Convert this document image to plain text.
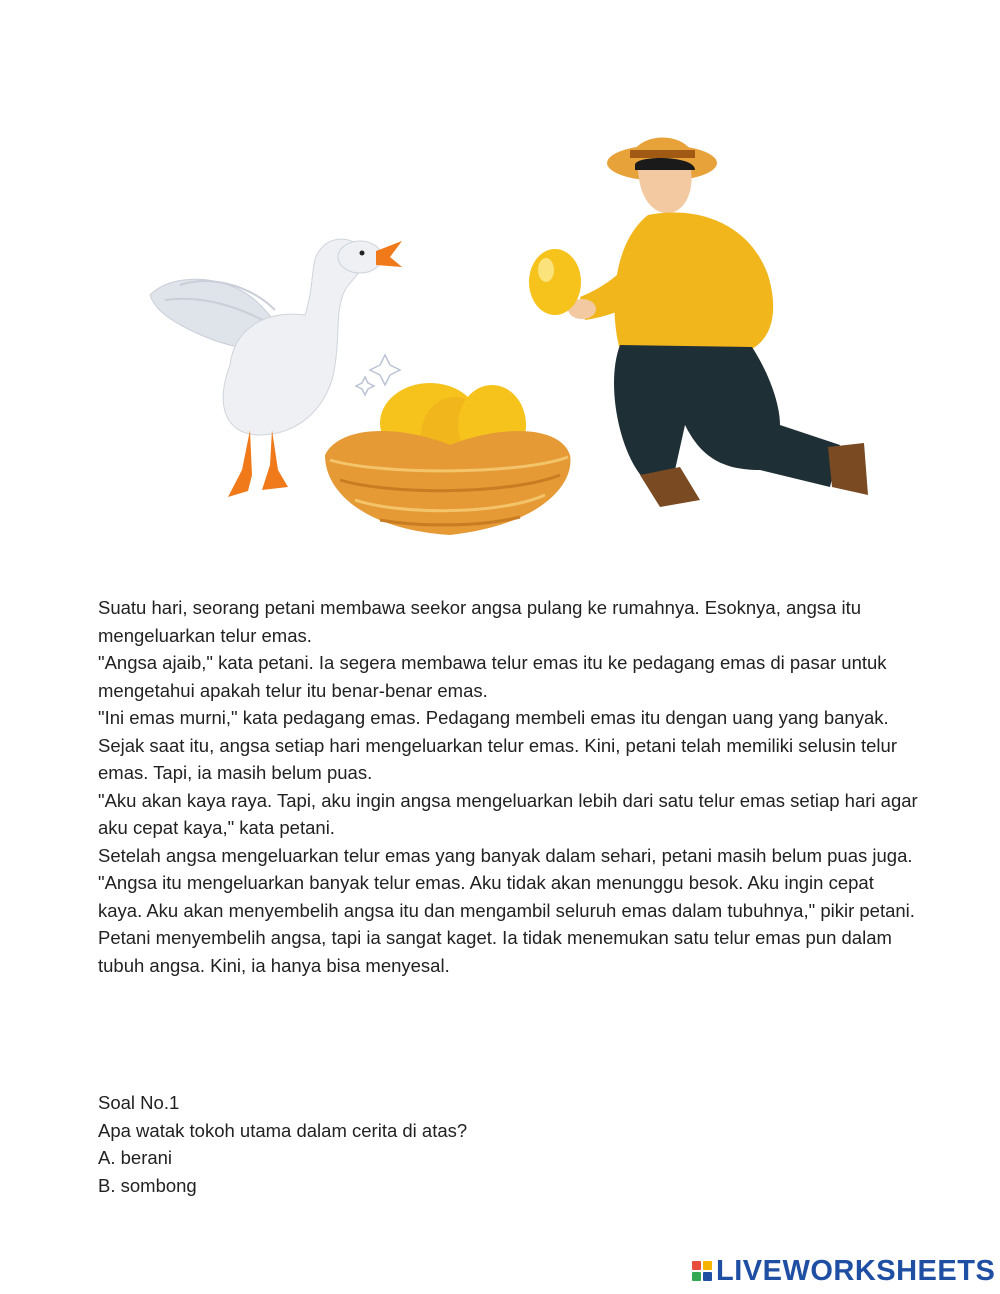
Suatu hari, seorang petani membawa seekor angsa pulang ke rumahnya. Esoknya, angsa itu mengeluarkan telur emas.

"Angsa ajaib," kata petani. Ia segera membawa telur emas itu ke pedagang emas di pasar untuk mengetahui apakah telur itu benar-benar emas.

"Ini emas murni," kata pedagang emas. Pedagang membeli emas itu dengan uang yang banyak.

Sejak saat itu, angsa setiap hari mengeluarkan telur emas. Kini, petani telah memiliki selusin telur emas. Tapi, ia masih belum puas.

"Aku akan kaya raya. Tapi, aku ingin angsa mengeluarkan lebih dari satu telur emas setiap hari agar aku cepat kaya," kata petani.

Setelah angsa mengeluarkan telur emas yang banyak dalam sehari, petani masih belum puas juga.

"Angsa itu mengeluarkan banyak telur emas. Aku tidak akan menunggu besok. Aku ingin cepat kaya. Aku akan menyembelih angsa itu dan mengambil seluruh emas dalam tubuhnya," pikir petani.

Petani menyembelih angsa, tapi ia sangat kaget. Ia tidak menemukan satu telur emas pun dalam tubuh angsa. Kini, ia hanya bisa menyesal.

Soal No.1
Apa watak tokoh utama dalam cerita di atas?
A. berani
B. sombong
LIVEWORKSHEETS
